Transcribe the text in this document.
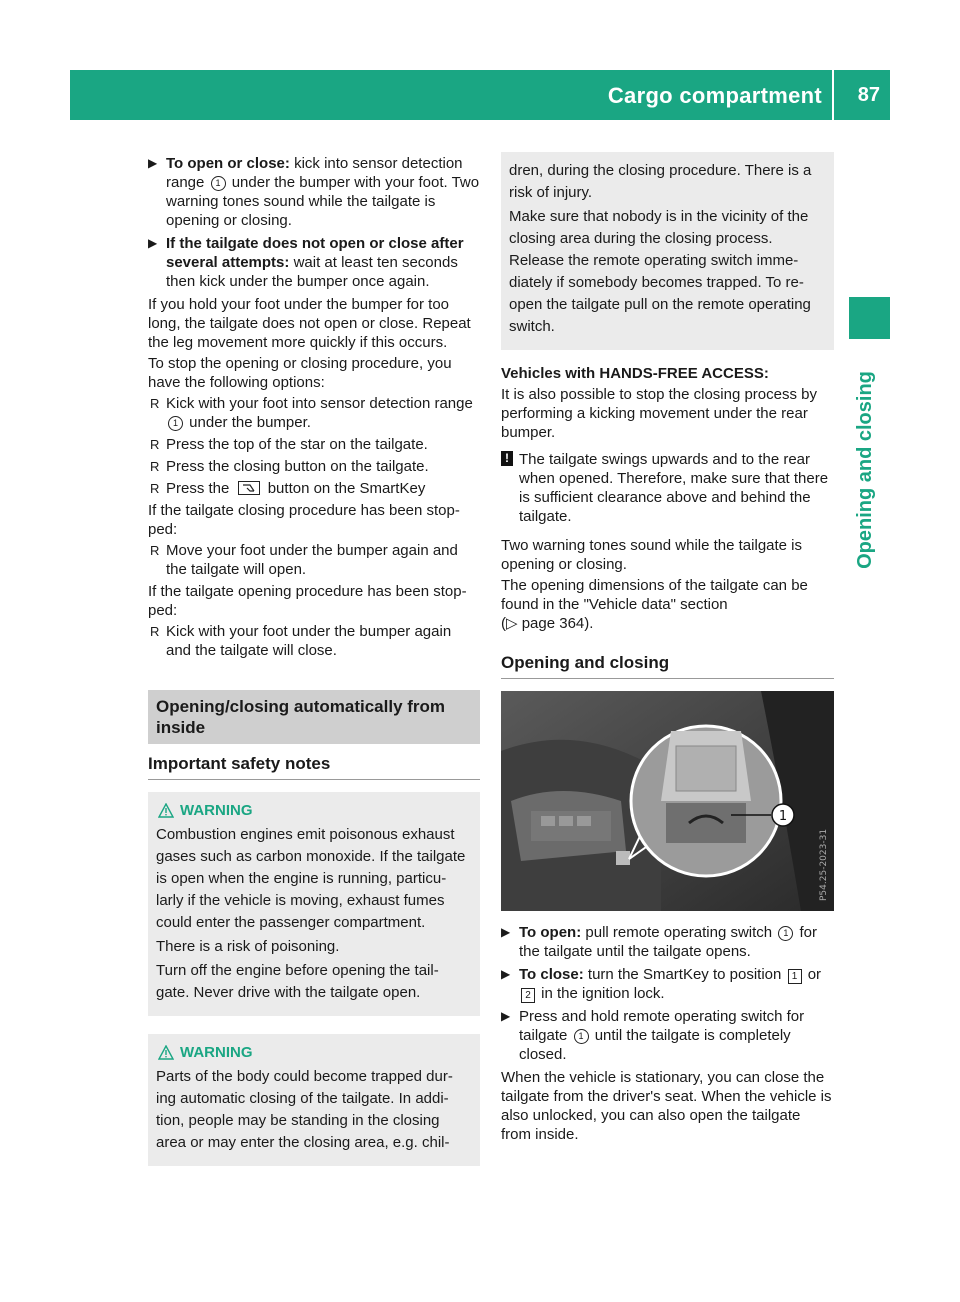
Cargo compartment 87
Opening and closing
▶ To open or close: kick into sensor detection range 1 under the bumper with your foot. Two warning tones sound while the tailgate is opening or closing.
▶ If the tailgate does not open or close after several attempts: wait at least ten seconds then kick under the bumper once again.

If you hold your foot under the bumper for too long, the tailgate does not open or close. Repeat the leg movement more quickly if this occurs.

To stop the opening or closing procedure, you have the following options:

R Kick with your foot into sensor detection range 1 under the bumper.
R Press the top of the star on the tailgate.
R Press the closing button on the tailgate.
R Press the	button on the SmartKey

If the tailgate closing procedure has been stop-ped:

R Move your foot under the bumper again and the tailgate will open.

If the tailgate opening procedure has been stop-ped:

R Kick with your foot under the bumper again and the tailgate will close.
Opening/closing automatically from inside
Important safety notes
WARNING

Combustion engines emit poisonous exhaust gases such as carbon monoxide. If the tailgate is open when the engine is running, particu-larly if the vehicle is moving, exhaust fumes could enter the passenger compartment.

There is a risk of poisoning.

Turn off the engine before opening the tail-gate. Never drive with the tailgate open.

WARNING

Parts of the body could become trapped dur-ing automatic closing of the tailgate. In addi-tion, people may be standing in the closing area or may enter the closing area, e.g. chil-

dren, during the closing procedure. There is a risk of injury.

Make sure that nobody is in the vicinity of the closing area during the closing process. Release the remote operating switch imme-diately if somebody becomes trapped. To re-open the tailgate pull on the remote operating switch.

Vehicles with HANDS-FREE ACCESS:

It is also possible to stop the closing process by performing a kicking movement under the rear bumper.

! The tailgate swings upwards and to the rear when opened. Therefore, make sure that there is sufficient clearance above and behind the tailgate.

Two warning tones sound while the tailgate is opening or closing.

The opening dimensions of the tailgate can be found in the "Vehicle data" section
(▷ page 364).

Opening and closing
1
P54.25-2023-31
▶ To open: pull remote operating switch 1 for the tailgate until the tailgate opens.
▶ To close: turn the SmartKey to position 1 or 2 in the ignition lock.
▶ Press and hold remote operating switch for tailgate 1 until the tailgate is completely closed.

When the vehicle is stationary, you can close the tailgate from the driver's seat. When the vehicle is also unlocked, you can also open the tailgate from inside.
